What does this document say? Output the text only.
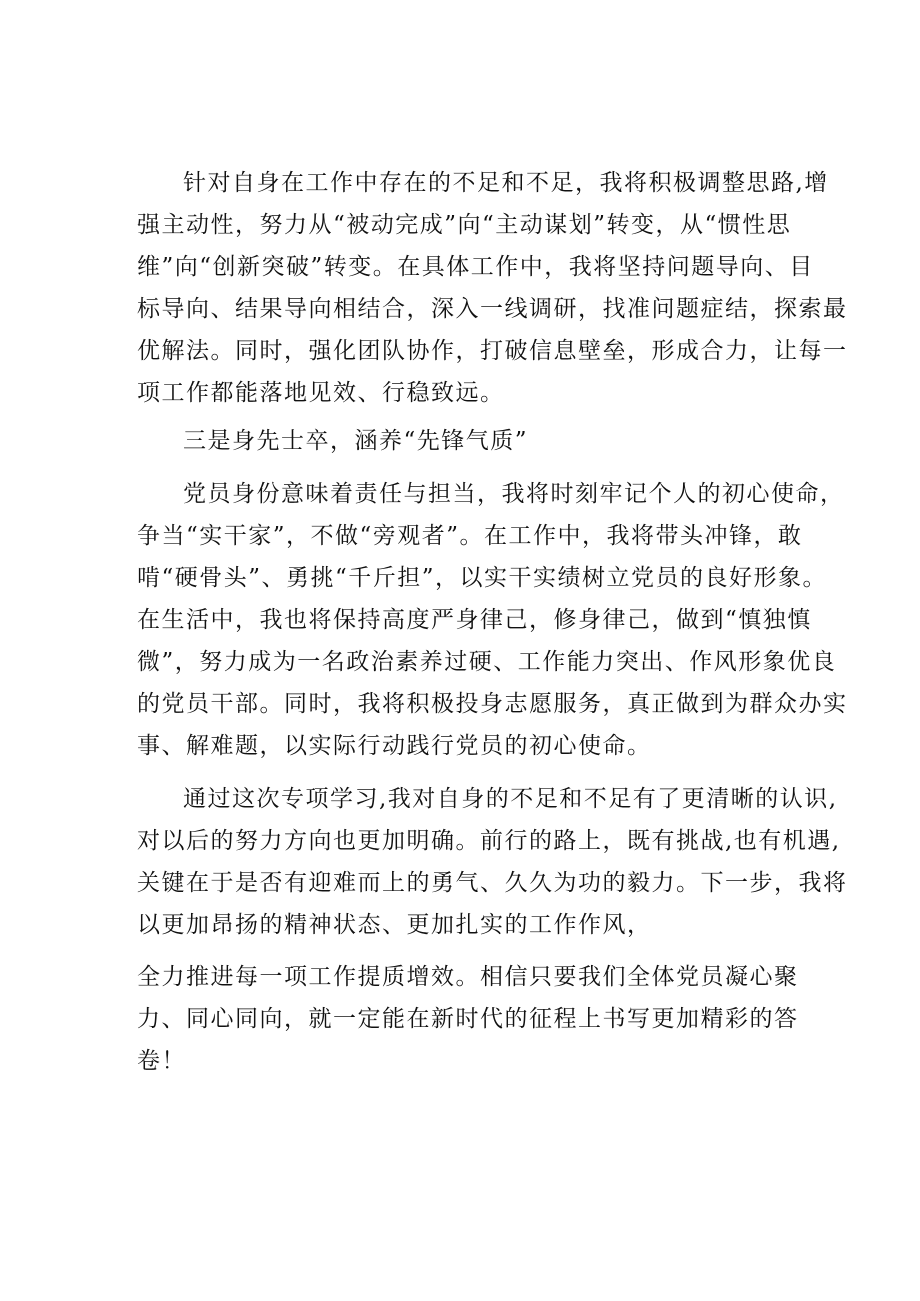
针对自身在工作中存在的不足和不足，我将积极调整思路,增
强主动性，努力从“被动完成”向“主动谋划”转变，从“惯性思
维”向“创新突破”转变。在具体工作中，我将坚持问题导向、目
标导向、结果导向相结合，深入一线调研，找准问题症结，探索最
优解法。同时，强化团队协作，打破信息壁垒，形成合力，让每一
项工作都能落地见效、行稳致远。
三是身先士卒，涵养“先锋气质”
党员身份意味着责任与担当，我将时刻牢记个人的初心使命，
争当“实干家”，不做“旁观者”。在工作中，我将带头冲锋，敢
啃“硬骨头”、勇挑“千斤担”，以实干实绩树立党员的良好形象。
在生活中，我也将保持高度严身律己，修身律己，做到“慎独慎
微”，努力成为一名政治素养过硬、工作能力突出、作风形象优良
的党员干部。同时，我将积极投身志愿服务，真正做到为群众办实
事、解难题，以实际行动践行党员的初心使命。
通过这次专项学习,我对自身的不足和不足有了更清晰的认识,
对以后的努力方向也更加明确。前行的路上，既有挑战,也有机遇,
关键在于是否有迎难而上的勇气、久久为功的毅力。下一步，我将
以更加昂扬的精神状态、更加扎实的工作作风，
全力推进每一项工作提质增效。相信只要我们全体党员凝心聚
力、同心同向，就一定能在新时代的征程上书写更加精彩的答
卷！
